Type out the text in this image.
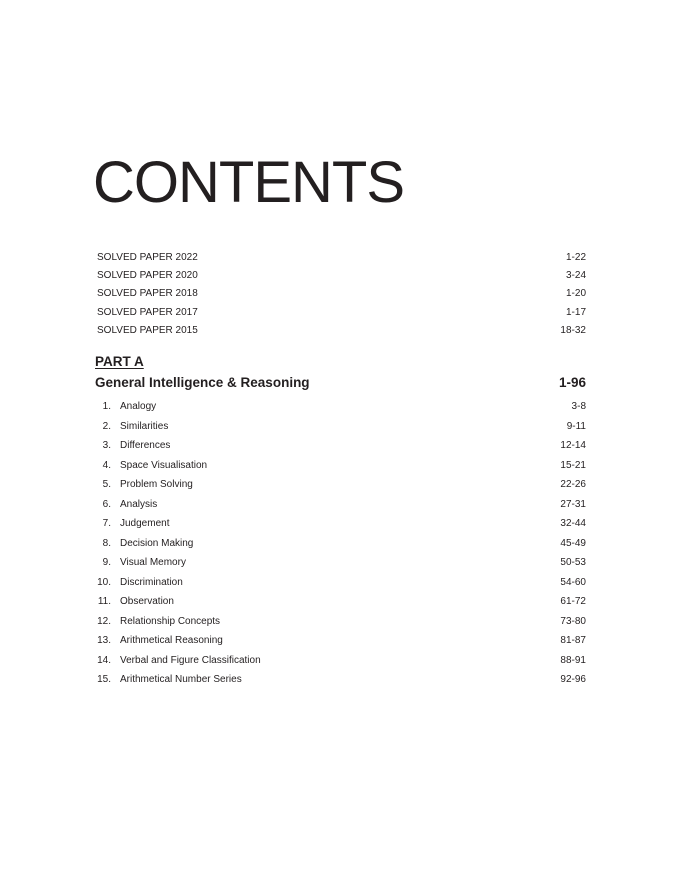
CONTENTS
SOLVED PAPER 2022	1-22
SOLVED PAPER 2020	3-24
SOLVED PAPER 2018	1-20
SOLVED PAPER 2017	1-17
SOLVED PAPER 2015	18-32
PART A
General Intelligence & Reasoning	1-96
1. Analogy	3-8
2. Similarities	9-11
3. Differences	12-14
4. Space Visualisation	15-21
5. Problem Solving	22-26
6. Analysis	27-31
7. Judgement	32-44
8. Decision Making	45-49
9. Visual Memory	50-53
10. Discrimination	54-60
11. Observation	61-72
12. Relationship Concepts	73-80
13. Arithmetical Reasoning	81-87
14. Verbal and Figure Classification	88-91
15. Arithmetical Number Series	92-96
